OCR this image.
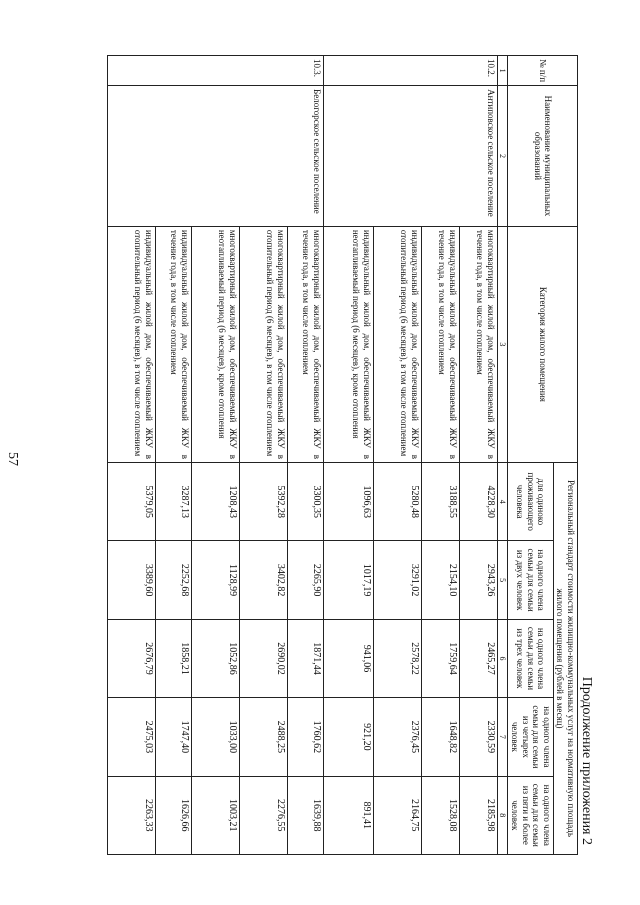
57
Продолжение приложения 2
№ п/п	Наименование муниципальных образований	Категория жилого помещения	Региональный стандарт стоимости жилищно-коммунальных услуг на нормативную площадь жилого помещения (рублей в месяц)				
			для одиноко проживающего человека	на одного члена семьи для семьи из двух человек	на одного члена семьи для семьи из трех человек	на одного члена семьи для семьи из четырех человек	на одного члена семьи для семьи из пяти и более человек
1	2	3	4	5	6	7	8
10.2.	Антиповское сельское поселение	многоквартирный жилой дом, обеспечиваемый ЖКУ в течение года, в том числе отоплением	4228,30	2943,26	2465,27	2330,59	2185,98
		индивидуальный жилой дом, обеспечиваемый ЖКУ в течение года, в том числе отоплением	3188,55	2154,10	1759,64	1648,82	1528,08
		индивидуальный жилой дом, обеспечиваемый ЖКУ в отопительный период (6 месяцев), в том числе отоплением	5280,48	3291,02	2578,22	2376,45	2164,75
		индивидуальный жилой дом, обеспечиваемый ЖКУ в неотапливаемый период (6 месяцев), кроме отопления	1096,63	1017,19	941,06	921,20	891,41
10.3.	Белогорское сельское поселение	многоквартирный жилой дом, обеспечиваемый ЖКУ в течение года, в том числе отоплением	3300,35	2265,90	1871,44	1760,62	1639,88
		многоквартирный жилой дом, обеспечиваемый ЖКУ в отопительный период (6 месяцев), в том числе отоплением	5392,28	3402,82	2690,02	2488,25	2276,55
		многоквартирный жилой дом, обеспечиваемый ЖКУ в неотапливаемый период (6 месяцев), кроме отопления	1208,43	1128,99	1052,86	1033,00	1003,21
		индивидуальный жилой дом, обеспечиваемый ЖКУ в течение года, в том числе отоплением	3287,13	2252,68	1858,21	1747,40	1626,66
		индивидуальный жилой дом, обеспечиваемый ЖКУ в отопительный период (6 месяцев), в том числе отоплением	5379,05	3389,60	2676,79	2475,03	2263,33
